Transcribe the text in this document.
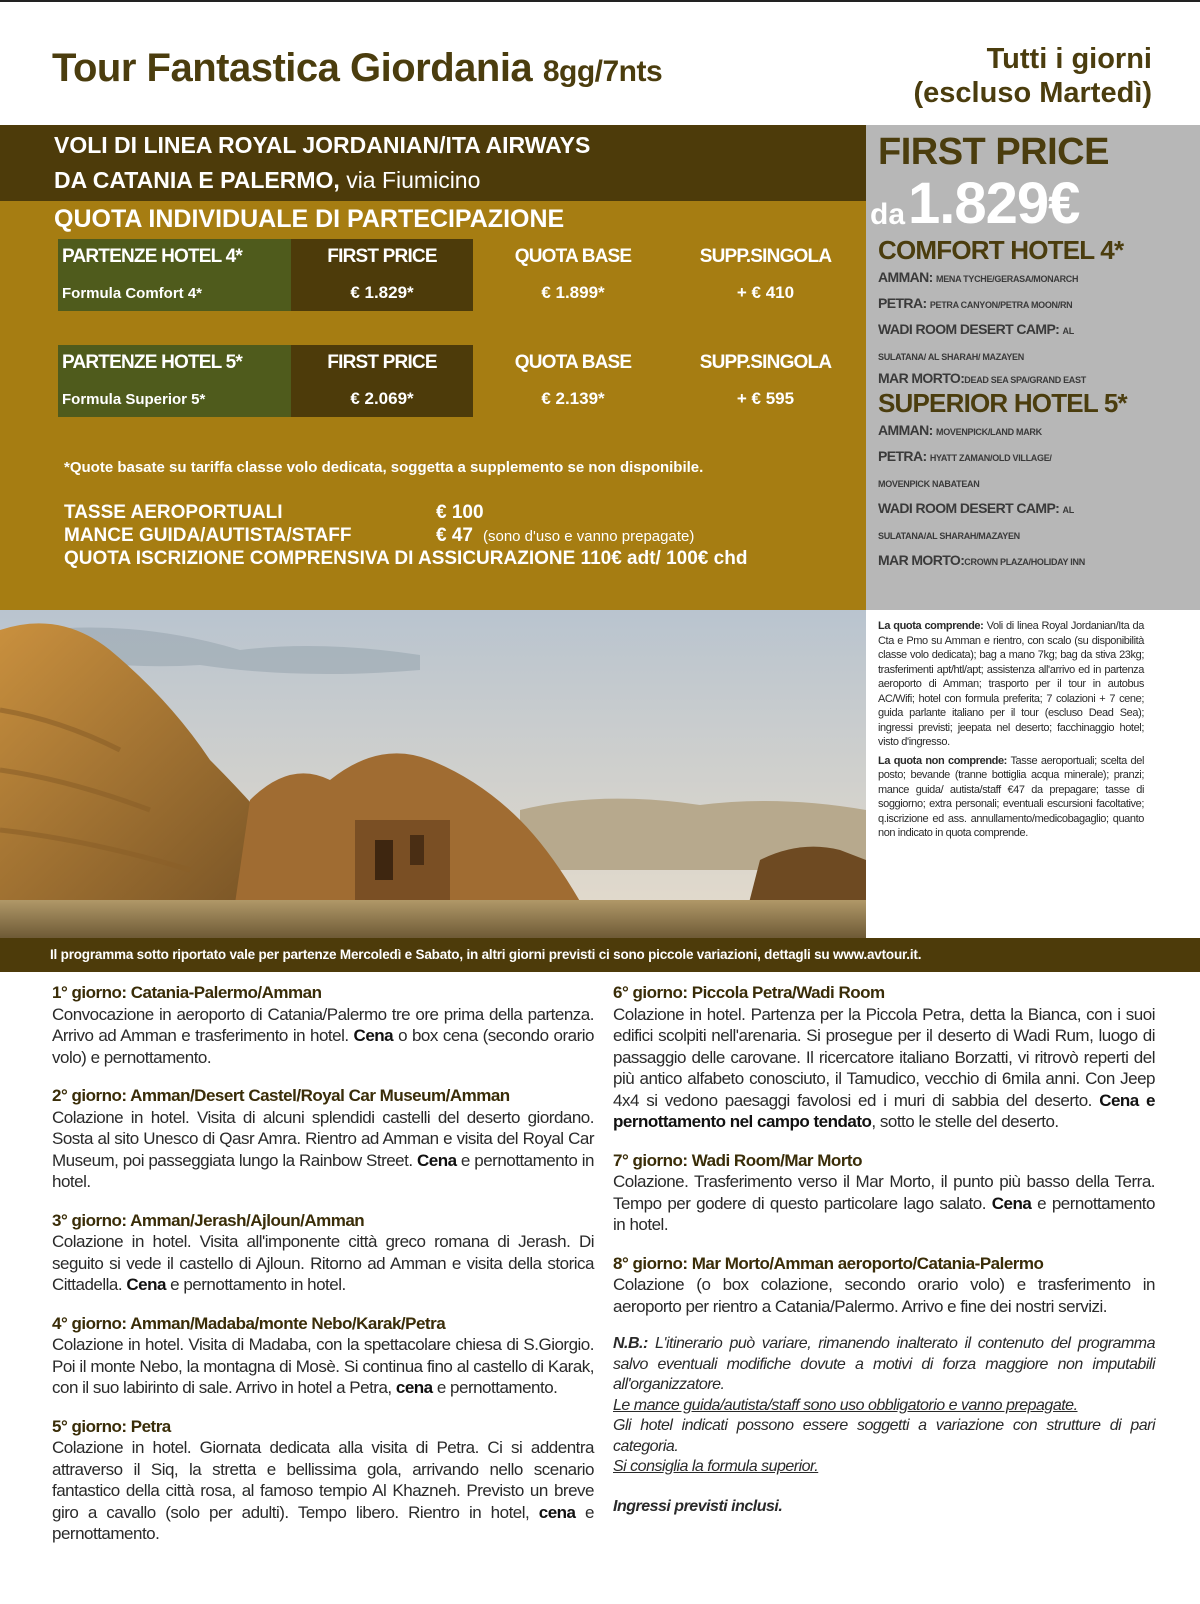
Tour Fantastica Giordania 8gg/7nts	Tutti i giorni
(escluso Martedì)
VOLI DI LINEA ROYAL JORDANIAN/ITA AIRWAYS
DA CATANIA E PALERMO, via Fiumicino
QUOTA INDIVIDUALE DI PARTECIPAZIONE
PARTENZE HOTEL 4*	FIRST PRICE	QUOTA BASE	SUPP.SINGOLA
Formula Comfort 4*	€ 1.829*	€ 1.899*	+ € 410
PARTENZE HOTEL 5*	FIRST PRICE	QUOTA BASE	SUPP.SINGOLA
Formula Superior 5*	€ 2.069*	€ 2.139*	+ € 595
*Quote basate su tariffa classe volo dedicata, soggetta a supplemento se non disponibile.
TASSE AEROPORTUALI	€ 100
MANCE GUIDA/AUTISTA/STAFF	€ 47 (sono d'uso e vanno prepagate)
QUOTA ISCRIZIONE COMPRENSIVA DI ASSICURAZIONE 110€ adt/ 100€ chd
FIRST PRICE
da 1.829€
COMFORT HOTEL 4*
AMMAN: MENA TYCHE/GERASA/MONARCH
PETRA: PETRA CANYON/PETRA MOON/RN
WADI ROOM DESERT CAMP: AL
SULATANA/ AL SHARAH/ MAZAYEN
MAR MORTO:DEAD SEA SPA/GRAND EAST
SUPERIOR HOTEL 5*
AMMAN: MOVENPICK/LAND MARK
PETRA: HYATT ZAMAN/OLD VILLAGE/
MOVENPICK NABATEAN
WADI ROOM DESERT CAMP: AL
SULATANA/AL SHARAH/MAZAYEN
MAR MORTO:CROWN PLAZA/HOLIDAY INN

La quota comprende: Voli di linea Royal Jordanian/Ita da Cta e Pmo su Amman e rientro, con scalo (su disponibilità classe volo dedicata); bag a mano 7kg; bag da stiva 23kg; trasferimenti apt/htl/apt; assistenza all'arrivo ed in partenza aeroporto di Amman; trasporto per il tour in autobus AC/Wifi; hotel con formula preferita; 7 colazioni + 7 cene; guida parlante italiano per il tour (escluso Dead Sea); ingressi previsti; jeepata nel deserto; facchinaggio hotel; visto d'ingresso.

La quota non comprende: Tasse aeroportuali; scelta del posto; bevande (tranne bottiglia acqua minerale); pranzi; mance guida/ autista/staff €47 da prepagare; tasse di soggiorno; extra personali; eventuali escursioni facoltative; q.iscrizione ed ass. annullamento/medicobagaglio; quanto non indicato in quota comprende.

Il programma sotto riportato vale per partenze Mercoledì e Sabato, in altri giorni previsti ci sono piccole variazioni, dettagli su www.avtour.it.
1° giorno: Catania-Palermo/Amman
Convocazione in aeroporto di Catania/Palermo tre ore prima della partenza. Arrivo ad Amman e trasferimento in hotel. Cena o box cena (secondo orario volo) e pernottamento.
2° giorno: Amman/Desert Castel/Royal Car Museum/Amman
Colazione in hotel. Visita di alcuni splendidi castelli del deserto giordano. Sosta al sito Unesco di Qasr Amra. Rientro ad Amman e visita del Royal Car Museum, poi passeggiata lungo la Rainbow Street. Cena e pernottamento in hotel.
3° giorno: Amman/Jerash/Ajloun/Amman
Colazione in hotel. Visita all'imponente città greco romana di Jerash. Di seguito si vede il castello di Ajloun. Ritorno ad Amman e visita della storica Cittadella. Cena e pernottamento in hotel.
4° giorno: Amman/Madaba/monte Nebo/Karak/Petra
Colazione in hotel. Visita di Madaba, con la spettacolare chiesa di S.Giorgio. Poi il monte Nebo, la montagna di Mosè. Si continua fino al castello di Karak, con il suo labirinto di sale. Arrivo in hotel a Petra, cena e pernottamento.
5° giorno: Petra
Colazione in hotel. Giornata dedicata alla visita di Petra. Ci si addentra attraverso il Siq, la stretta e bellissima gola, arrivando nello scenario fantastico della città rosa, al famoso tempio Al Khazneh. Previsto un breve giro a cavallo (solo per adulti). Tempo libero. Rientro in hotel, cena e pernottamento.
6° giorno: Piccola Petra/Wadi Room
Colazione in hotel. Partenza per la Piccola Petra, detta la Bianca, con i suoi edifici scolpiti nell'arenaria. Si prosegue per il deserto di Wadi Rum, luogo di passaggio delle carovane. Il ricercatore italiano Borzatti, vi ritrovò reperti del più antico alfabeto conosciuto, il Tamudico, vecchio di 6mila anni. Con Jeep 4x4 si vedono paesaggi favolosi ed i muri di sabbia del deserto. Cena e pernottamento nel campo tendato, sotto le stelle del deserto.
7° giorno: Wadi Room/Mar Morto
Colazione. Trasferimento verso il Mar Morto, il punto più basso della Terra. Tempo per godere di questo particolare lago salato. Cena e pernottamento in hotel.
8° giorno: Mar Morto/Amman aeroporto/Catania-Palermo
Colazione (o box colazione, secondo orario volo) e trasferimento in aeroporto per rientro a Catania/Palermo. Arrivo e fine dei nostri servizi.
N.B.: L'itinerario può variare, rimanendo inalterato il contenuto del programma salvo eventuali modifiche dovute a motivi di forza maggiore non imputabili all'organizzatore.
Le mance guida/autista/staff sono uso obbligatorio e vanno prepagate.
Gli hotel indicati possono essere soggetti a variazione con strutture di pari categoria.
Si consiglia la formula superior.
Ingressi previsti inclusi.
